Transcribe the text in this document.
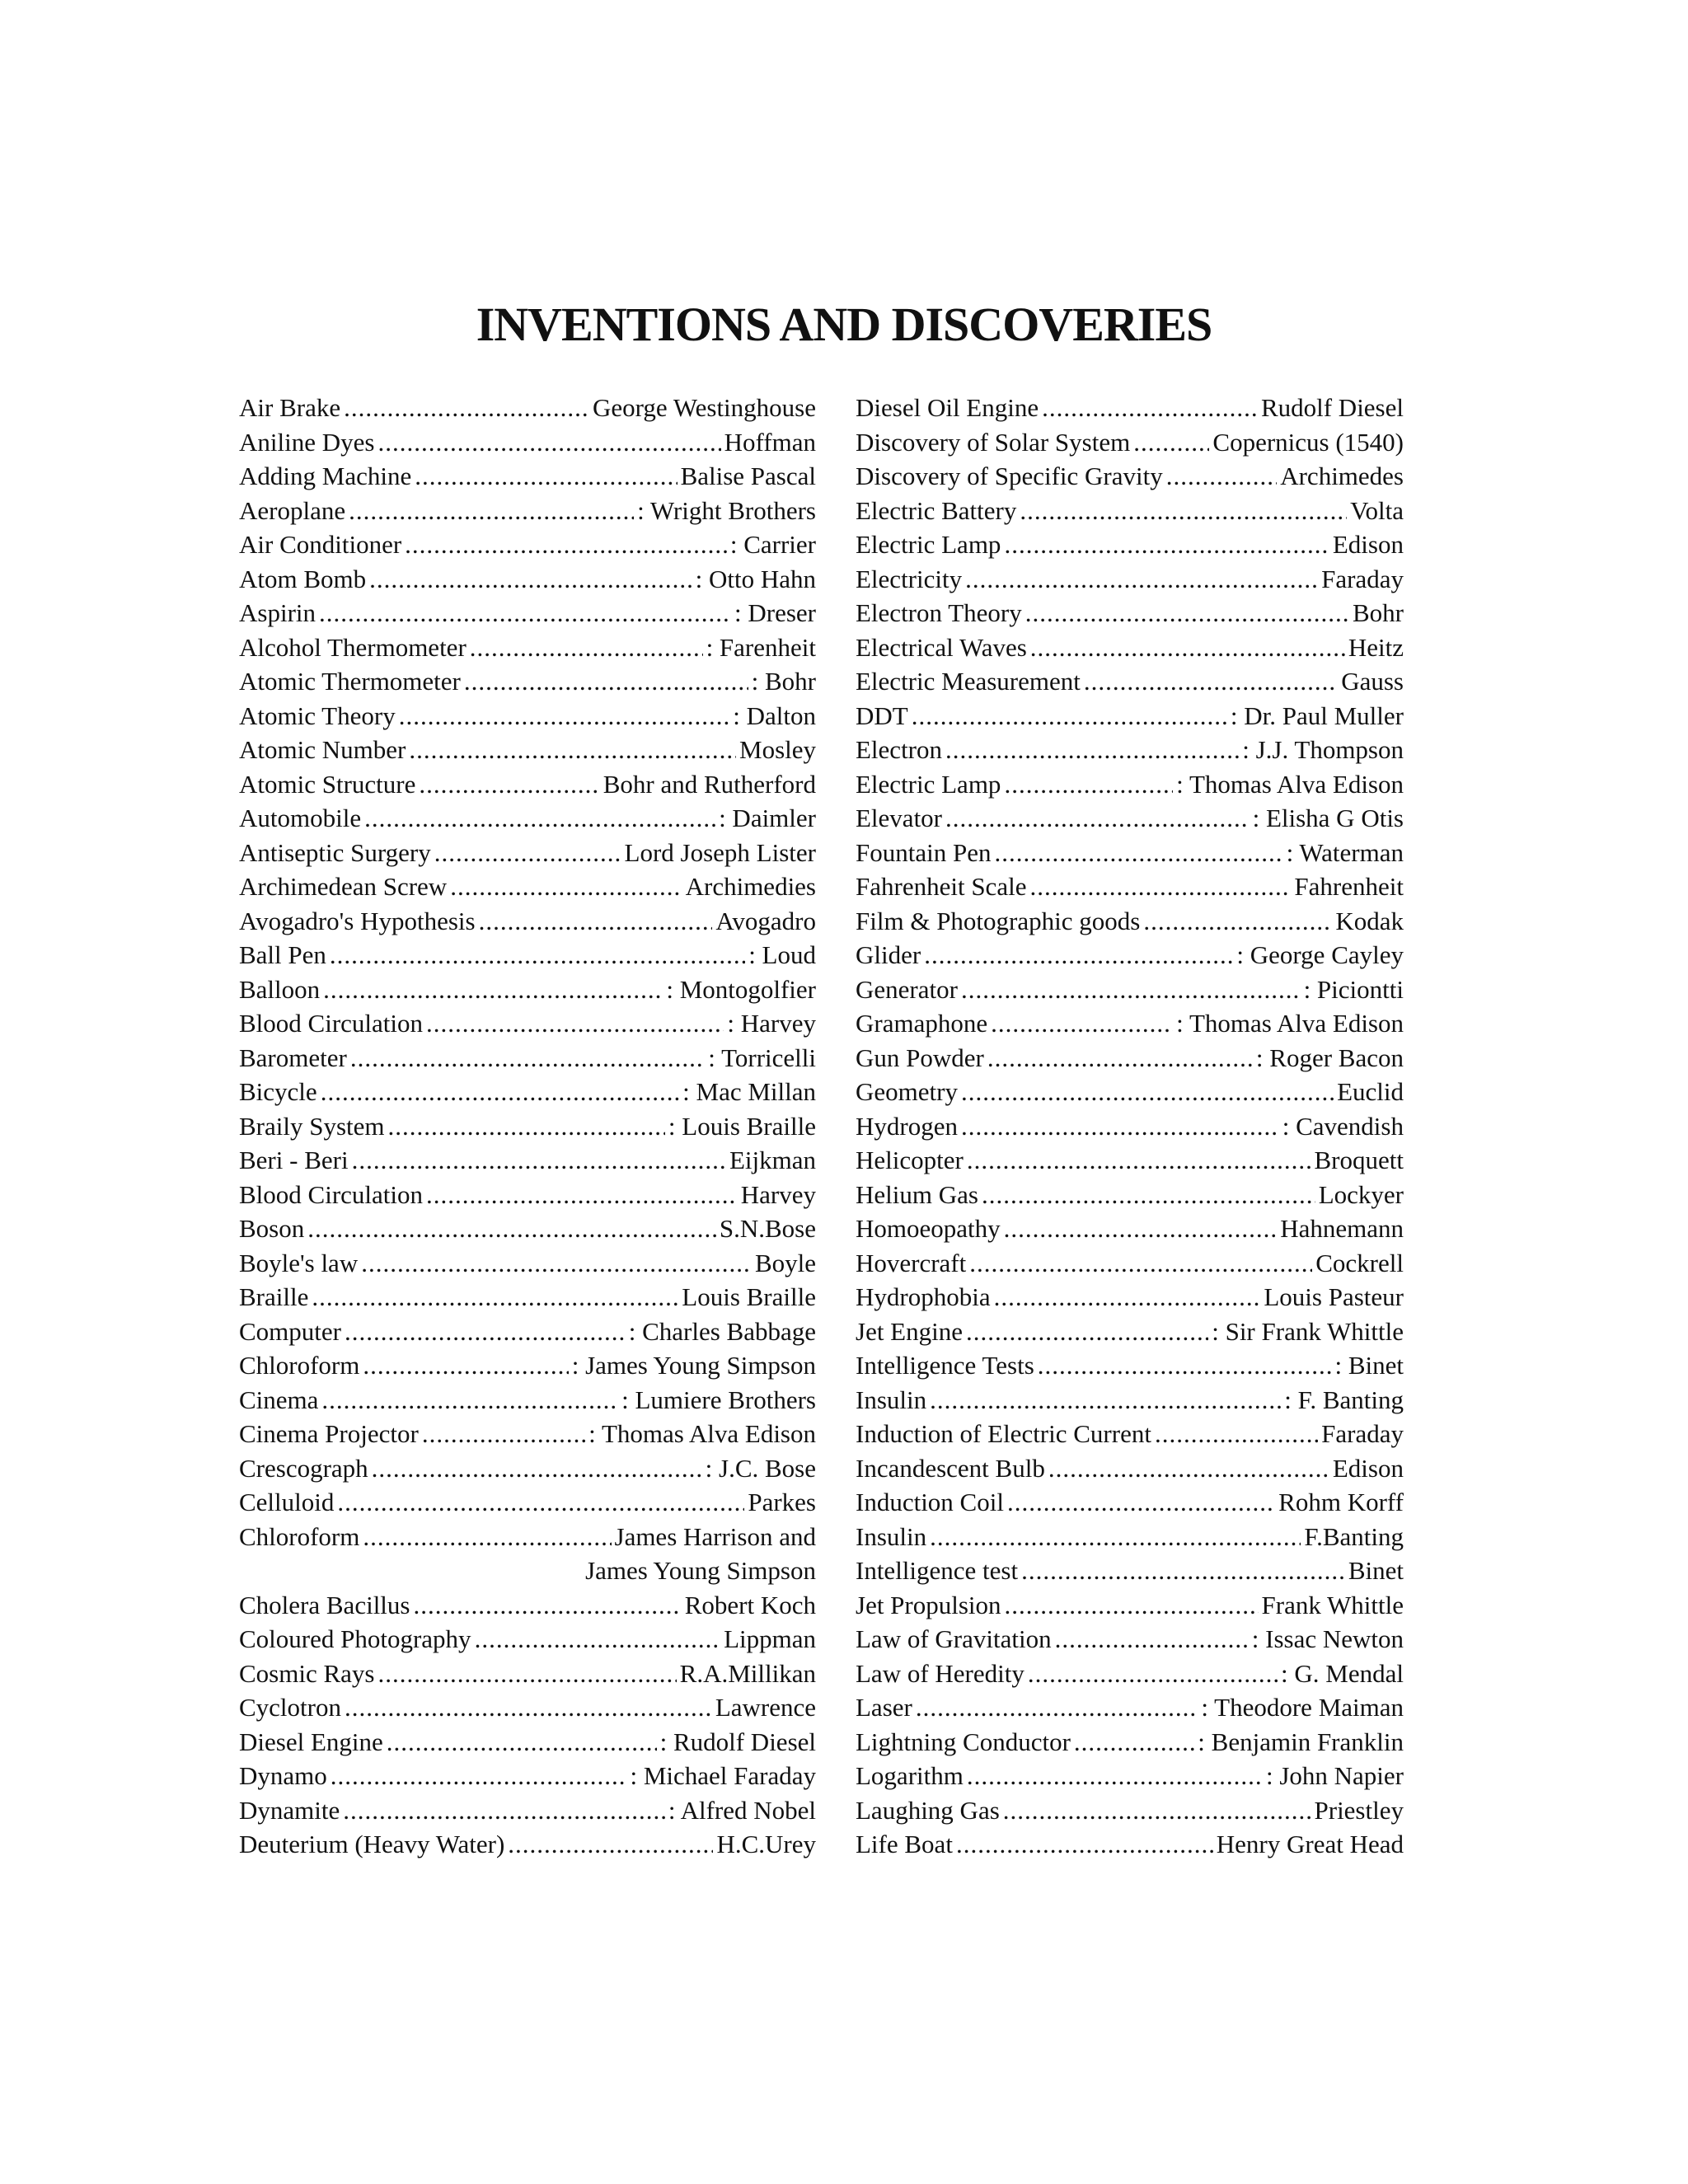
INVENTIONS AND DISCOVERIES
Air Brake .....	George Westinghouse
Aniline Dyes .....	Hoffman
Adding Machine .....	Balise Pascal
Aeroplane .....	: Wright Brothers
Air Conditioner .....	: Carrier
Atom Bomb .....	: Otto Hahn
Aspirin .....	: Dreser
Alcohol Thermometer .....	: Farenheit
Atomic Thermometer .....	: Bohr
Atomic Theory .....	: Dalton
Atomic Number .....	Mosley
Atomic Structure .....	Bohr and Rutherford
Automobile .....	: Daimler
Antiseptic Surgery .....	Lord Joseph Lister
Archimedean Screw .....	Archimedies
Avogadro's Hypothesis .....	Avogadro
Ball Pen .....	: Loud
Balloon .....	: Montogolfier
Blood Circulation .....	: Harvey
Barometer .....	: Torricelli
Bicycle .....	: Mac Millan
Braily System .....	: Louis Braille
Beri - Beri .....	Eijkman
Blood Circulation .....	Harvey
Boson .....	S.N.Bose
Boyle's law .....	Boyle
Braille .....	Louis Braille
Computer .....	: Charles Babbage
Chloroform .....	: James Young Simpson
Cinema .....	: Lumiere Brothers
Cinema Projector .....	: Thomas Alva Edison
Crescograph .....	: J.C. Bose
Celluloid .....	Parkes
Chloroform .....	James Harrison and
James Young Simpson
Cholera Bacillus .....	Robert Koch
Coloured Photography .....	Lippman
Cosmic Rays .....	R.A.Millikan
Cyclotron .....	Lawrence
Diesel Engine .....	: Rudolf Diesel
Dynamo .....	: Michael Faraday
Dynamite .....	: Alfred Nobel
Deuterium (Heavy Water) .....	H.C.Urey
Diesel Oil Engine .....	Rudolf Diesel
Discovery of Solar System .....	Copernicus (1540)
Discovery of Specific Gravity .....	Archimedes
Electric Battery .....	Volta
Electric Lamp .....	Edison
Electricity .....	Faraday
Electron Theory .....	Bohr
Electrical Waves .....	Heitz
Electric Measurement .....	Gauss
DDT .....	: Dr. Paul Muller
Electron .....	: J.J. Thompson
Electric Lamp .....	: Thomas Alva Edison
Elevator .....	: Elisha G Otis
Fountain Pen .....	: Waterman
Fahrenheit Scale .....	Fahrenheit
Film & Photographic goods .....	Kodak
Glider .....	: George Cayley
Generator .....	: Piciontti
Gramaphone .....	: Thomas Alva Edison
Gun Powder .....	: Roger Bacon
Geometry .....	Euclid
Hydrogen .....	: Cavendish
Helicopter .....	Broquett
Helium Gas .....	Lockyer
Homoeopathy .....	Hahnemann
Hovercraft .....	Cockrell
Hydrophobia .....	Louis Pasteur
Jet Engine .....	: Sir Frank Whittle
Intelligence Tests .....	: Binet
Insulin .....	: F. Banting
Induction of Electric Current .....	Faraday
Incandescent Bulb .....	Edison
Induction Coil .....	Rohm Korff
Insulin .....	F.Banting
Intelligence test .....	Binet
Jet Propulsion .....	Frank Whittle
Law of Gravitation .....	: Issac Newton
Law of Heredity .....	: G. Mendal
Laser .....	: Theodore Maiman
Lightning Conductor .....	: Benjamin Franklin
Logarithm .....	: John Napier
Laughing Gas .....	Priestley
Life Boat .....	Henry Great Head
